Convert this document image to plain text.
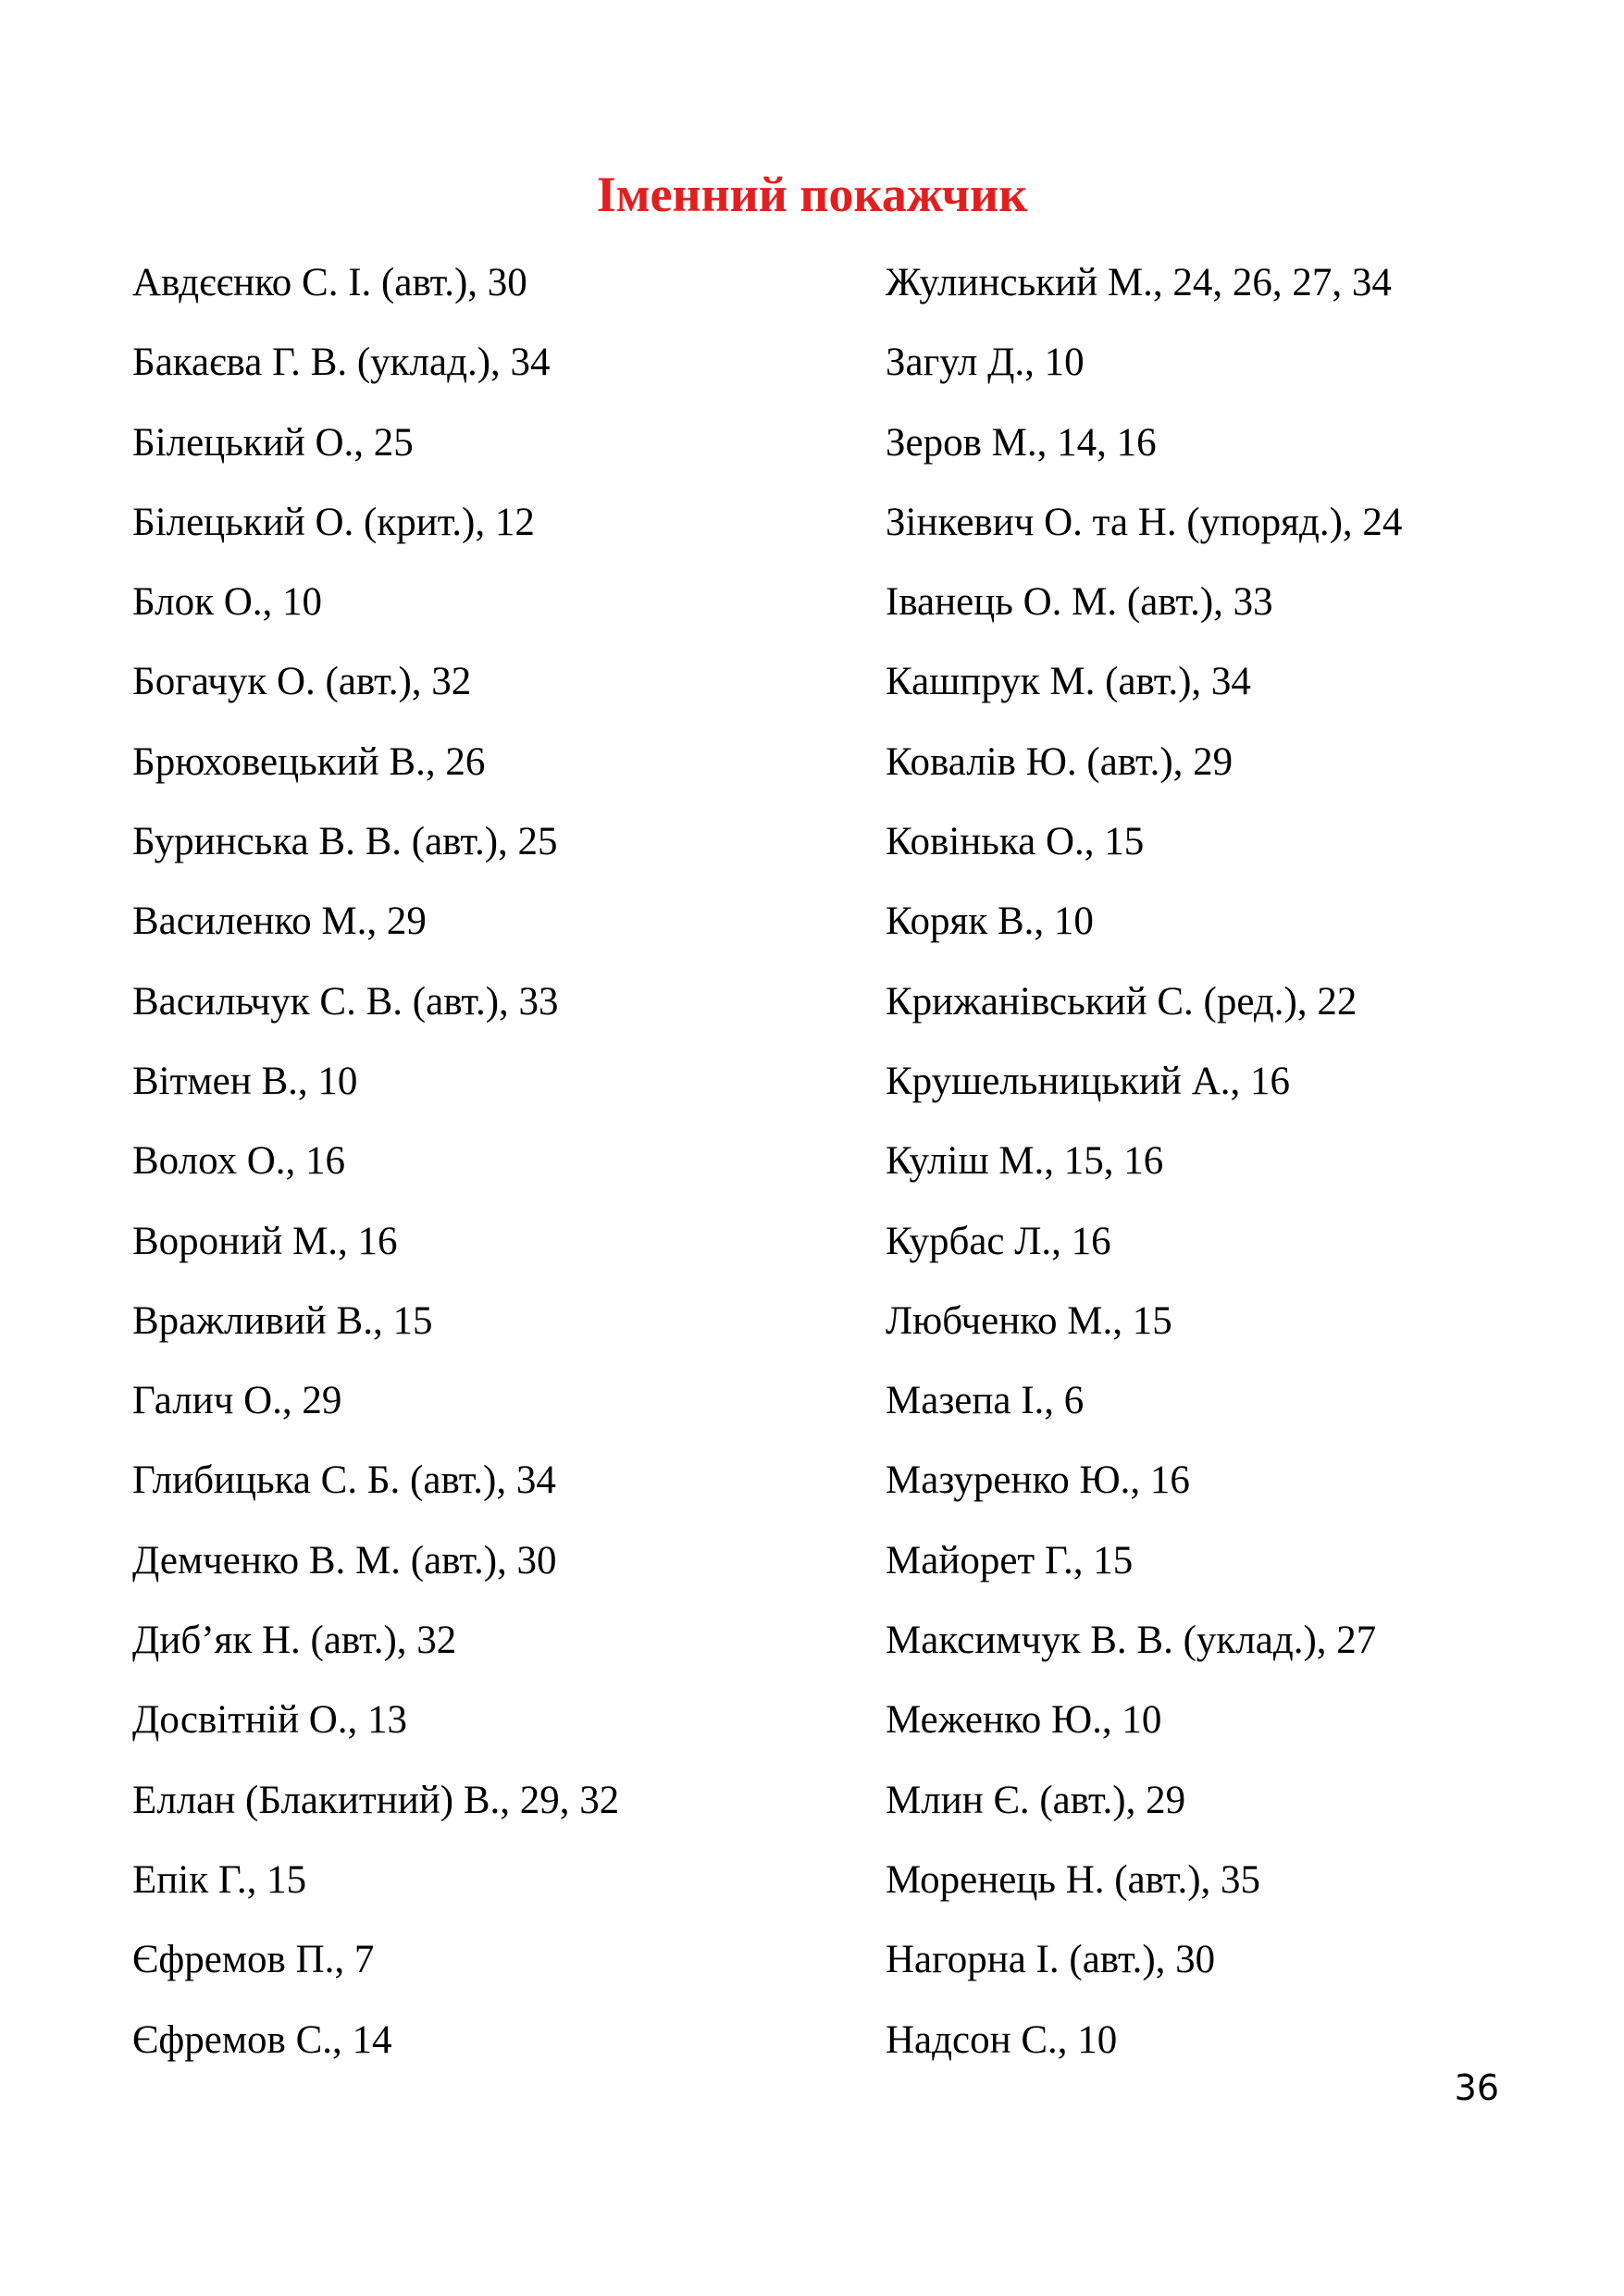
Іменний покажчик
Авдєєнко С. І. (авт.), 30
Бакаєва Г. В. (уклад.), 34
Білецький О., 25
Білецький О. (крит.), 12
Блок О., 10
Богачук О. (авт.), 32
Брюховецький В., 26
Буринська В. В. (авт.), 25
Василенко М., 29
Васильчук С. В. (авт.), 33
Вітмен В., 10
Волох О., 16
Вороний М., 16
Вражливий В., 15
Галич О., 29
Глибицька С. Б. (авт.), 34
Демченко В. М. (авт.), 30
Диб’як Н. (авт.), 32
Досвітній О., 13
Еллан (Блакитний) В., 29, 32
Епік Г., 15
Єфремов П., 7
Єфремов С., 14
Жулинський М., 24, 26, 27, 34
Загул Д., 10
Зеров М., 14, 16
Зінкевич О. та Н. (упоряд.), 24
Іванець О. М. (авт.), 33
Кашпрук М. (авт.), 34
Ковалів Ю. (авт.), 29
Ковінька О., 15
Коряк В., 10
Крижанівський С. (ред.), 22
Крушельницький А., 16
Куліш М., 15, 16
Курбас Л., 16
Любченко М., 15
Мазепа І., 6
Мазуренко Ю., 16
Майорет Г., 15
Максимчук В. В. (уклад.), 27
Меженко Ю., 10
Млин Є. (авт.), 29
Моренець Н. (авт.), 35
Нагорна І. (авт.), 30
Надсон С., 10
36
